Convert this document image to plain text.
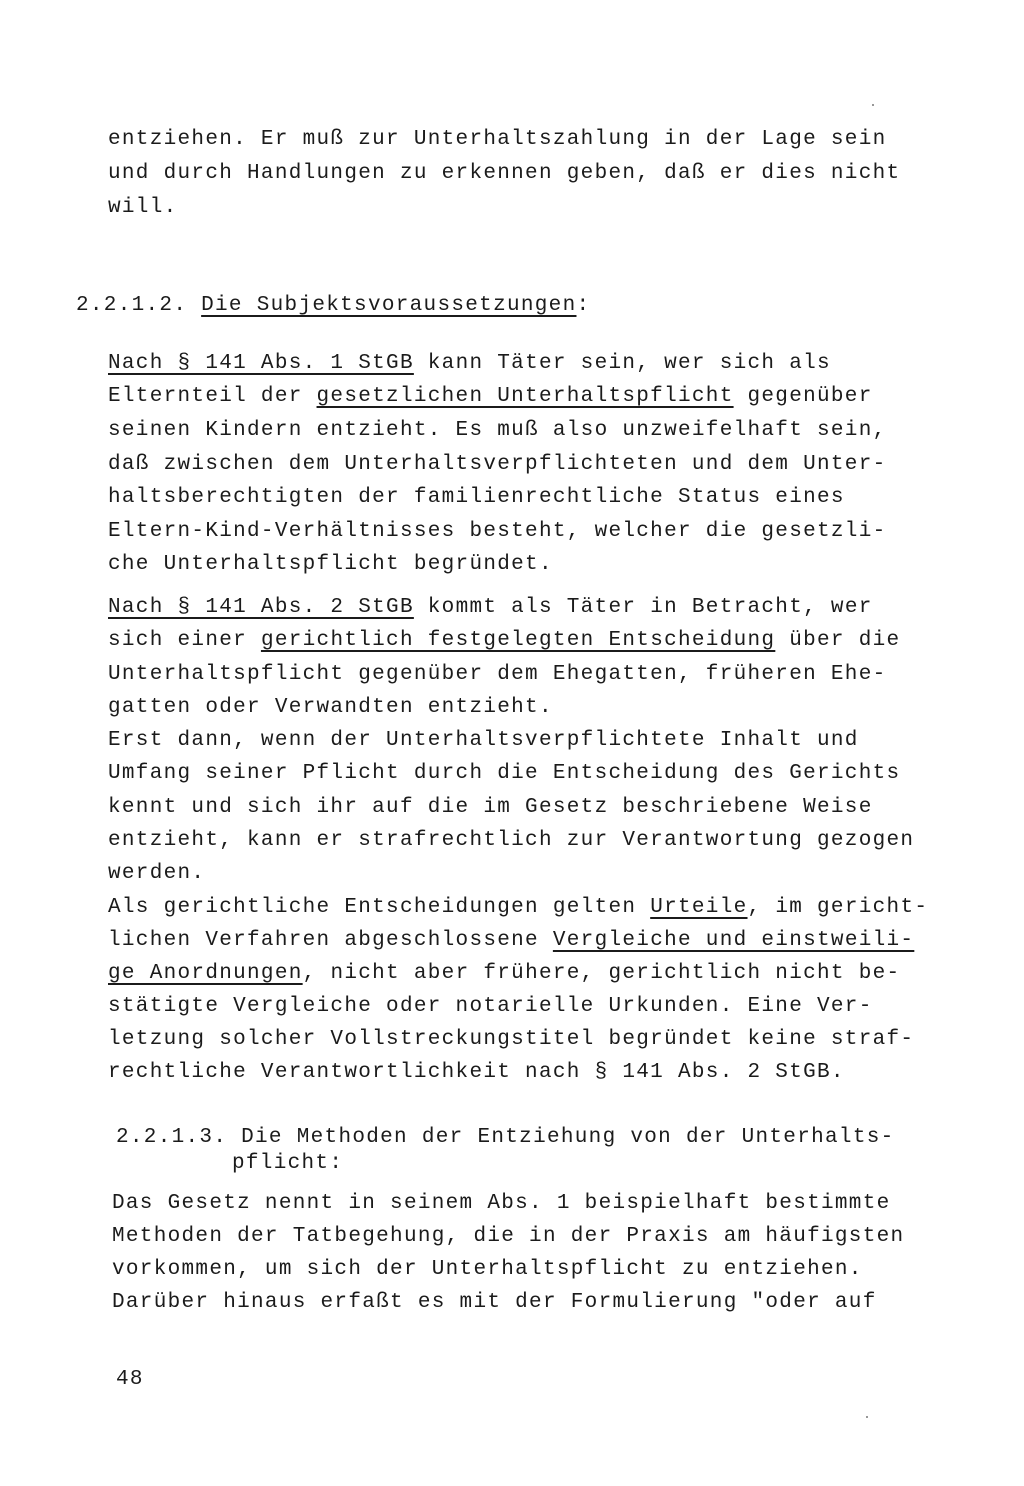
entziehen. Er muß zur Unterhaltszahlung in der Lage sein
und durch Handlungen zu erkennen geben, daß er dies nicht
will.
2.2.1.2. Die Subjektsvoraussetzungen:
Nach § 141 Abs. 1 StGB kann Täter sein, wer sich als
Elternteil der gesetzlichen Unterhaltspflicht gegenüber
seinen Kindern entzieht. Es muß also unzweifelhaft sein,
daß zwischen dem Unterhaltsverpflichteten und dem Unter-
haltsberechtigten der familienrechtliche Status eines
Eltern-Kind-Verhältnisses besteht, welcher die gesetzli-
che Unterhaltspflicht begründet.
Nach § 141 Abs. 2 StGB kommt als Täter in Betracht, wer
sich einer gerichtlich festgelegten Entscheidung über die
Unterhaltspflicht gegenüber dem Ehegatten, früheren Ehe-
gatten oder Verwandten entzieht.
Erst dann, wenn der Unterhaltsverpflichtete Inhalt und
Umfang seiner Pflicht durch die Entscheidung des Gerichts
kennt und sich ihr auf die im Gesetz beschriebene Weise
entzieht, kann er strafrechtlich zur Verantwortung gezogen
werden.
Als gerichtliche Entscheidungen gelten Urteile, im gericht-
lichen Verfahren abgeschlossene Vergleiche und einstweili-
ge Anordnungen, nicht aber frühere, gerichtlich nicht be-
stätigte Vergleiche oder notarielle Urkunden. Eine Ver-
letzung solcher Vollstreckungstitel begründet keine straf-
rechtliche Verantwortlichkeit nach § 141 Abs. 2 StGB.
2.2.1.3. Die Methoden der Entziehung von der Unterhalts-
pflicht:
Das Gesetz nennt in seinem Abs. 1 beispielhaft bestimmte
Methoden der Tatbegehung, die in der Praxis am häufigsten
vorkommen, um sich der Unterhaltspflicht zu entziehen.
Darüber hinaus erfaßt es mit der Formulierung "oder auf
48
